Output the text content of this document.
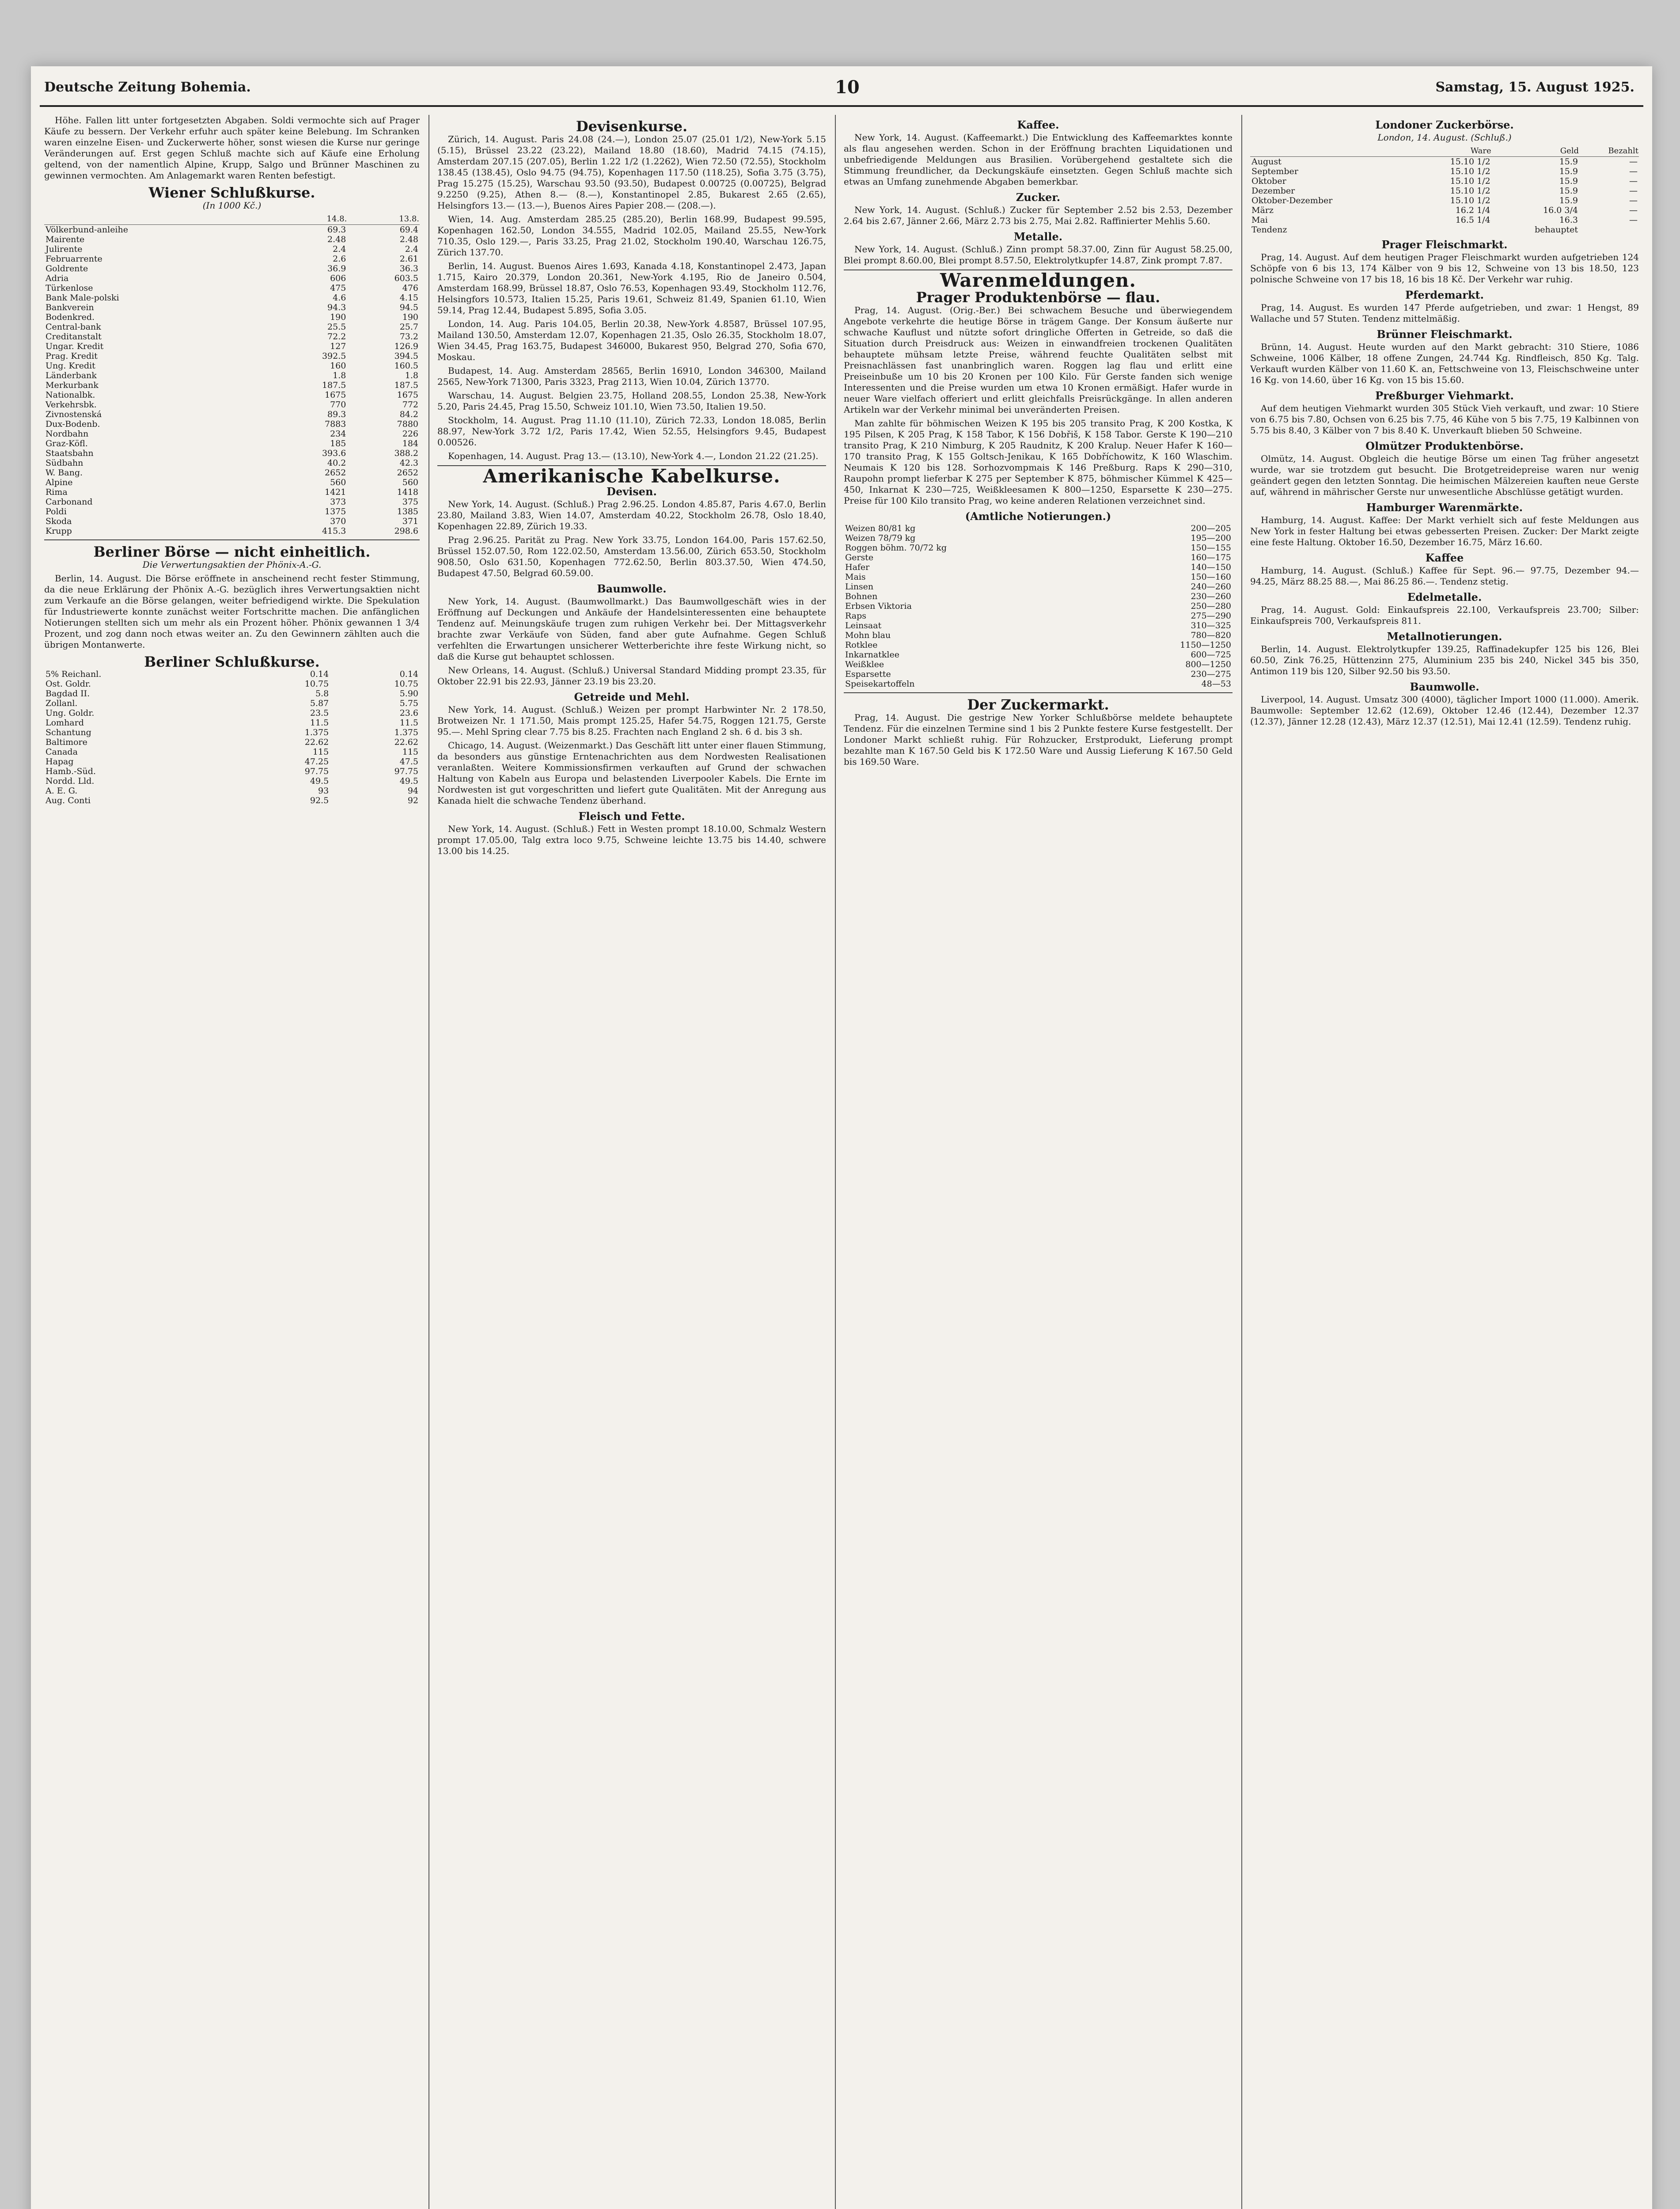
Deutsche Zeitung Bohemia.	10	Samstag, 15. August 1925.

Höhe. Fallen litt unter fortgesetzten Abgaben. Soldi vermochte sich auf Prager Käufe zu bessern. Der Verkehr erfuhr auch später keine Belebung. Im Schranken waren einzelne Eisen- und Zuckerwerte höher, sonst wiesen die Kurse nur geringe Veränderungen auf. Erst gegen Schluß machte sich auf Käufe eine Erholung geltend, von der namentlich Alpine, Krupp, Salgo und Brünner Maschinen zu gewinnen vermochten. Am Anlagemarkt waren Renten befestigt.

Wiener Schlußkurse.
(In 1000 Kč.)
	14.8.	13.8.
Völkerbund-anleihe	69.3	69.4
Mairente	2.48	2.48
Julirente	2.4	2.4
Februarrente	2.6	2.61
Goldrente	36.9	36.3
Adria	606	603.5
Türkenlose	475	476
Bank Male-polski	4.6	4.15
Bankverein	94.3	94.5
Bodenkred.	190	190
Central-bank	25.5	25.7
Creditanstalt	72.2	73.2
Ungar. Kredit	127	126.9
Prag. Kredit	392.5	394.5
Ung. Kredit	160	160.5
Länderbank	1.8	1.8
Merkurbank	187.5	187.5
Nationalbk.	1675	1675
Verkehrsbk.	770	772
Zivnostenská	89.3	84.2
Dux-Bodenb.	7883	7880
Nordbahn	234	226
Graz-Köfl.	185	184
Staatsbahn	393.6	388.2
Südbahn	40.2	42.3
W. Bang.	2652	2652
Alpine	560	560
Rima	1421	1418
Carbonand	373	375
Poldi	1375	1385
Skoda	370	371
Krupp	415.3	298.6
Berliner Börse — nicht einheitlich.
Die Verwertungsaktien der Phönix-A.-G.

Berlin, 14. August. Die Börse eröffnete in anscheinend recht fester Stimmung, da die neue Erklärung der Phönix A.-G. bezüglich ihres Verwertungsaktien nicht zum Verkaufe an die Börse gelangen, weiter befriedigend wirkte. Die Spekulation für Industriewerte konnte zunächst weiter Fortschritte machen. Die anfänglichen Notierungen stellten sich um mehr als ein Prozent höher. Phönix gewannen 1 3/4 Prozent, und zog dann noch etwas weiter an. Zu den Gewinnern zählten auch die übrigen Montanwerte.

Berliner Schlußkurse.
5% Reichanl.	0.14	0.14
Ost. Goldr.	10.75	10.75
Bagdad II.	5.8	5.90
Zollanl.	5.87	5.75
Ung. Goldr.	23.5	23.6
Lomhard	11.5	11.5
Schantung	1.375	1.375
Baltimore	22.62	22.62
Canada	115	115
Hapag	47.25	47.5
Hamb.-Süd.	97.75	97.75
Nordd. Lld.	49.5	49.5
A. E. G.	93	94
Aug. Conti	92.5	92
Devisenkurse.

Zürich, 14. August. Paris 24.08 (24.—), London 25.07 (25.01 1/2), New-York 5.15 (5.15), Brüssel 23.22 (23.22), Mailand 18.80 (18.60), Madrid 74.15 (74.15), Amsterdam 207.15 (207.05), Berlin 1.22 1/2 (1.2262), Wien 72.50 (72.55), Stockholm 138.45 (138.45), Oslo 94.75 (94.75), Kopenhagen 117.50 (118.25), Sofia 3.75 (3.75), Prag 15.275 (15.25), Warschau 93.50 (93.50), Budapest 0.00725 (0.00725), Belgrad 9.2250 (9.25), Athen 8.— (8.—), Konstantinopel 2.85, Bukarest 2.65 (2.65), Helsingfors 13.— (13.—), Buenos Aires Papier 208.— (208.—).

Wien, 14. Aug. Amsterdam 285.25 (285.20), Berlin 168.99, Budapest 99.595, Kopenhagen 162.50, London 34.555, Madrid 102.05, Mailand 25.55, New-York 710.35, Oslo 129.—, Paris 33.25, Prag 21.02, Stockholm 190.40, Warschau 126.75, Zürich 137.70.

Berlin, 14. August. Buenos Aires 1.693, Kanada 4.18, Konstantinopel 2.473, Japan 1.715, Kairo 20.379, London 20.361, New-York 4.195, Rio de Janeiro 0.504, Amsterdam 168.99, Brüssel 18.87, Oslo 76.53, Kopenhagen 93.49, Stockholm 112.76, Helsingfors 10.573, Italien 15.25, Paris 19.61, Schweiz 81.49, Spanien 61.10, Wien 59.14, Prag 12.44, Budapest 5.895, Sofia 3.05.

London, 14. Aug. Paris 104.05, Berlin 20.38, New-York 4.8587, Brüssel 107.95, Mailand 130.50, Amsterdam 12.07, Kopenhagen 21.35, Oslo 26.35, Stockholm 18.07, Wien 34.45, Prag 163.75, Budapest 346000, Bukarest 950, Belgrad 270, Sofia 670, Moskau.

Budapest, 14. Aug. Amsterdam 28565, Berlin 16910, London 346300, Mailand 2565, New-York 71300, Paris 3323, Prag 2113, Wien 10.04, Zürich 13770.

Warschau, 14. August. Belgien 23.75, Holland 208.55, London 25.38, New-York 5.20, Paris 24.45, Prag 15.50, Schweiz 101.10, Wien 73.50, Italien 19.50.

Stockholm, 14. August. Prag 11.10 (11.10), Zürich 72.33, London 18.085, Berlin 88.97, New-York 3.72 1/2, Paris 17.42, Wien 52.55, Helsingfors 9.45, Budapest 0.00526.

Kopenhagen, 14. August. Prag 13.— (13.10), New-York 4.—, London 21.22 (21.25).

Amerikanische Kabelkurse.
Devisen.

New York, 14. August. (Schluß.) Prag 2.96.25. London 4.85.87, Paris 4.67.0, Berlin 23.80, Mailand 3.83, Wien 14.07, Amsterdam 40.22, Stockholm 26.78, Oslo 18.40, Kopenhagen 22.89, Zürich 19.33.

Prag 2.96.25. Parität zu Prag. New York 33.75, London 164.00, Paris 157.62.50, Brüssel 152.07.50, Rom 122.02.50, Amsterdam 13.56.00, Zürich 653.50, Stockholm 908.50, Oslo 631.50, Kopenhagen 772.62.50, Berlin 803.37.50, Wien 474.50, Budapest 47.50, Belgrad 60.59.00.

Baumwolle.

New York, 14. August. (Baumwollmarkt.) Das Baumwollgeschäft wies in der Eröffnung auf Deckungen und Ankäufe der Handelsinteressenten eine behauptete Tendenz auf. Meinungskäufe trugen zum ruhigen Verkehr bei. Der Mittagsverkehr brachte zwar Verkäufe von Süden, fand aber gute Aufnahme. Gegen Schluß verfehlten die Erwartungen unsicherer Wetterberichte ihre feste Wirkung nicht, so daß die Kurse gut behauptet schlossen.

New Orleans, 14. August. (Schluß.) Universal Standard Midding prompt 23.35, für Oktober 22.91 bis 22.93, Jänner 23.19 bis 23.20.

Getreide und Mehl.

New York, 14. August. (Schluß.) Weizen per prompt Harbwinter Nr. 2 178.50, Brotweizen Nr. 1 171.50, Mais prompt 125.25, Hafer 54.75, Roggen 121.75, Gerste 95.—. Mehl Spring clear 7.75 bis 8.25. Frachten nach England 2 sh. 6 d. bis 3 sh.

Chicago, 14. August. (Weizenmarkt.) Das Geschäft litt unter einer flauen Stimmung, da besonders aus günstige Erntenachrichten aus dem Nordwesten Realisationen veranlaßten. Weitere Kommissionsfirmen verkauften auf Grund der schwachen Haltung von Kabeln aus Europa und belastenden Liverpooler Kabels. Die Ernte im Nordwesten ist gut vorgeschritten und liefert gute Qualitäten. Mit der Anregung aus Kanada hielt die schwache Tendenz überhand.

Fleisch und Fette.

New York, 14. August. (Schluß.) Fett in Westen prompt 18.10.00, Schmalz Western prompt 17.05.00, Talg extra loco 9.75, Schweine leichte 13.75 bis 14.40, schwere 13.00 bis 14.25.

Kaffee.

New York, 14. August. (Kaffeemarkt.) Die Entwicklung des Kaffeemarktes konnte als flau angesehen werden. Schon in der Eröffnung brachten Liquidationen und unbefriedigende Meldungen aus Brasilien. Vorübergehend gestaltete sich die Stimmung freundlicher, da Deckungskäufe einsetzten. Gegen Schluß machte sich etwas an Umfang zunehmende Abgaben bemerkbar.

Zucker.

New York, 14. August. (Schluß.) Zucker für September 2.52 bis 2.53, Dezember 2.64 bis 2.67, Jänner 2.66, März 2.73 bis 2.75, Mai 2.82. Raffinierter Mehlis 5.60.

Metalle.

New York, 14. August. (Schluß.) Zinn prompt 58.37.00, Zinn für August 58.25.00, Blei prompt 8.60.00, Blei prompt 8.57.50, Elektrolytkupfer 14.87, Zink prompt 7.87.

Warenmeldungen.
Prager Produktenbörse — flau.

Prag, 14. August. (Orig.-Ber.) Bei schwachem Besuche und überwiegendem Angebote verkehrte die heutige Börse in trägem Gange. Der Konsum äußerte nur schwache Kauflust und nützte sofort dringliche Offerten in Getreide, so daß die Situation durch Preisdruck aus: Weizen in einwandfreien trockenen Qualitäten behauptete mühsam letzte Preise, während feuchte Qualitäten selbst mit Preisnachlässen fast unanbringlich waren. Roggen lag flau und erlitt eine Preiseinbuße um 10 bis 20 Kronen per 100 Kilo. Für Gerste fanden sich wenige Interessenten und die Preise wurden um etwa 10 Kronen ermäßigt. Hafer wurde in neuer Ware vielfach offeriert und erlitt gleichfalls Preisrückgänge. In allen anderen Artikeln war der Verkehr minimal bei unveränderten Preisen.

Man zahlte für böhmischen Weizen K 195 bis 205 transito Prag, K 200 Kostka, K 195 Pilsen, K 205 Prag, K 158 Tabor, K 156 Dobřiš, K 158 Tabor. Gerste K 190—210 transito Prag, K 210 Nimburg, K 205 Raudnitz, K 200 Kralup. Neuer Hafer K 160—170 transito Prag, K 155 Goltsch-Jenikau, K 165 Dobříchowitz, K 160 Wlaschim. Neumais K 120 bis 128. Sorhozvompmais K 146 Preßburg. Raps K 290—310, Raupohn prompt lieferbar K 275 per September K 875, böhmischer Kümmel K 425—450, Inkarnat K 230—725, Weißkleesamen K 800—1250, Esparsette K 230—275. Preise für 100 Kilo transito Prag, wo keine anderen Relationen verzeichnet sind.

(Amtliche Notierungen.)
Weizen 80/81 kg	200—205
Weizen 78/79 kg	195—200
Roggen böhm. 70/72 kg	150—155
Gerste	160—175
Hafer	140—150
Mais	150—160
Linsen	240—260
Bohnen	230—260
Erbsen Viktoria	250—280
Raps	275—290
Leinsaat	310—325
Mohn blau	780—820
Rotklee	1150—1250
Inkarnatklee	600—725
Weißklee	800—1250
Esparsette	230—275
Speisekartoffeln	48—53
Der Zuckermarkt.

Prag, 14. August. Die gestrige New Yorker Schlußbörse meldete behauptete Tendenz. Für die einzelnen Termine sind 1 bis 2 Punkte festere Kurse festgestellt. Der Londoner Markt schließt ruhig. Für Rohzucker, Erstprodukt, Lieferung prompt bezahlte man K 167.50 Geld bis K 172.50 Ware und Aussig Lieferung K 167.50 Geld bis 169.50 Ware.

Londoner Zuckerbörse.
London, 14. August. (Schluß.)
	Ware	Geld	Bezahlt
August	15.10 1/2	15.9	—
September	15.10 1/2	15.9	—
Oktober	15.10 1/2	15.9	—
Dezember	15.10 1/2	15.9	—
Oktober-Dezember	15.10 1/2	15.9	—
März	16.2 1/4	16.0 3/4	—
Mai	16.5 1/4	16.3	—
Tendenz		behauptet	
Prager Fleischmarkt.

Prag, 14. August. Auf dem heutigen Prager Fleischmarkt wurden aufgetrieben 124 Schöpfe von 6 bis 13, 174 Kälber von 9 bis 12, Schweine von 13 bis 18.50, 123 polnische Schweine von 17 bis 18, 16 bis 18 Kč. Der Verkehr war ruhig.

Pferdemarkt.

Prag, 14. August. Es wurden 147 Pferde aufgetrieben, und zwar: 1 Hengst, 89 Wallache und 57 Stuten. Tendenz mittelmäßig.

Brünner Fleischmarkt.

Brünn, 14. August. Heute wurden auf den Markt gebracht: 310 Stiere, 1086 Schweine, 1006 Kälber, 18 offene Zungen, 24.744 Kg. Rindfleisch, 850 Kg. Talg. Verkauft wurden Kälber von 11.60 K. an, Fettschweine von 13, Fleischschweine unter 16 Kg. von 14.60, über 16 Kg. von 15 bis 15.60.

Preßburger Viehmarkt.

Auf dem heutigen Viehmarkt wurden 305 Stück Vieh verkauft, und zwar: 10 Stiere von 6.75 bis 7.80, Ochsen von 6.25 bis 7.75, 46 Kühe von 5 bis 7.75, 19 Kalbinnen von 5.75 bis 8.40, 3 Kälber von 7 bis 8.40 K. Unverkauft blieben 50 Schweine.

Olmützer Produktenbörse.

Olmütz, 14. August. Obgleich die heutige Börse um einen Tag früher angesetzt wurde, war sie trotzdem gut besucht. Die Brotgetreidepreise waren nur wenig geändert gegen den letzten Sonntag. Die heimischen Mälzereien kauften neue Gerste auf, während in mährischer Gerste nur unwesentliche Abschlüsse getätigt wurden.

Hamburger Warenmärkte.

Hamburg, 14. August. Kaffee: Der Markt verhielt sich auf feste Meldungen aus New York in fester Haltung bei etwas gebesserten Preisen. Zucker: Der Markt zeigte eine feste Haltung. Oktober 16.50, Dezember 16.75, März 16.60.

Kaffee

Hamburg, 14. August. (Schluß.) Kaffee für Sept. 96.— 97.75, Dezember 94.— 94.25, März 88.25 88.—, Mai 86.25 86.—. Tendenz stetig.

Edelmetalle.

Prag, 14. August. Gold: Einkaufspreis 22.100, Verkaufspreis 23.700; Silber: Einkaufspreis 700, Verkaufspreis 811.

Metallnotierungen.

Berlin, 14. August. Elektrolytkupfer 139.25, Raffinadekupfer 125 bis 126, Blei 60.50, Zink 76.25, Hüttenzinn 275, Aluminium 235 bis 240, Nickel 345 bis 350, Antimon 119 bis 120, Silber 92.50 bis 93.50.

Baumwolle.

Liverpool, 14. August. Umsatz 300 (4000), täglicher Import 1000 (11.000). Amerik. Baumwolle: September 12.62 (12.69), Oktober 12.46 (12.44), Dezember 12.37 (12.37), Jänner 12.28 (12.43), März 12.37 (12.51), Mai 12.41 (12.59). Tendenz ruhig.
